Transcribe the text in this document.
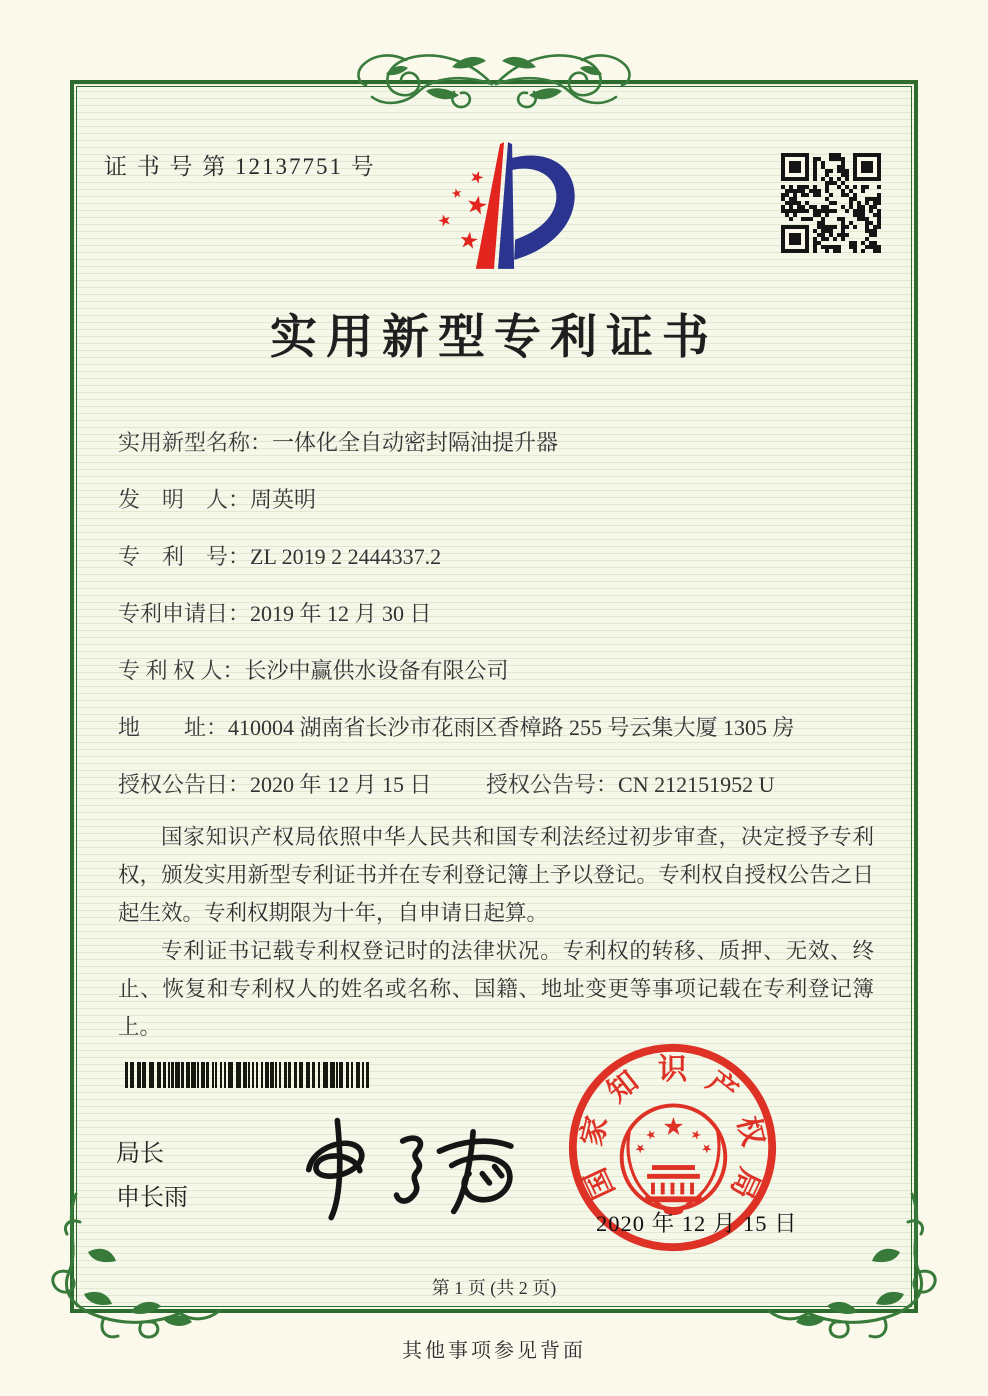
证 书 号 第 12137751 号
实用新型专利证书
实用新型名称：一体化全自动密封隔油提升器
发　明　人：周英明
专　利　号：ZL 2019 2 2444337.2
专利申请日：2019 年 12 月 30 日
专 利 权 人：长沙中赢供水设备有限公司
地　　址：410004 湖南省长沙市花雨区香樟路 255 号云集大厦 1305 房
授权公告日：2020 年 12 月 15 日 授权公告号：CN 212151952 U

国家知识产权局依照中华人民共和国专利法经过初步审查，决定授予专利权，颁发实用新型专利证书并在专利登记簿上予以登记。专利权自授权公告之日起生效。专利权期限为十年，自申请日起算。

专利证书记载专利权登记时的法律状况。专利权的转移、质押、无效、终止、恢复和专利权人的姓名或名称、国籍、地址变更等事项记载在专利登记簿上。

局长
申长雨	国
家
知 识 产
权
局
2020 年 12 月 15 日
第 1 页 (共 2 页)
其他事项参见背面
